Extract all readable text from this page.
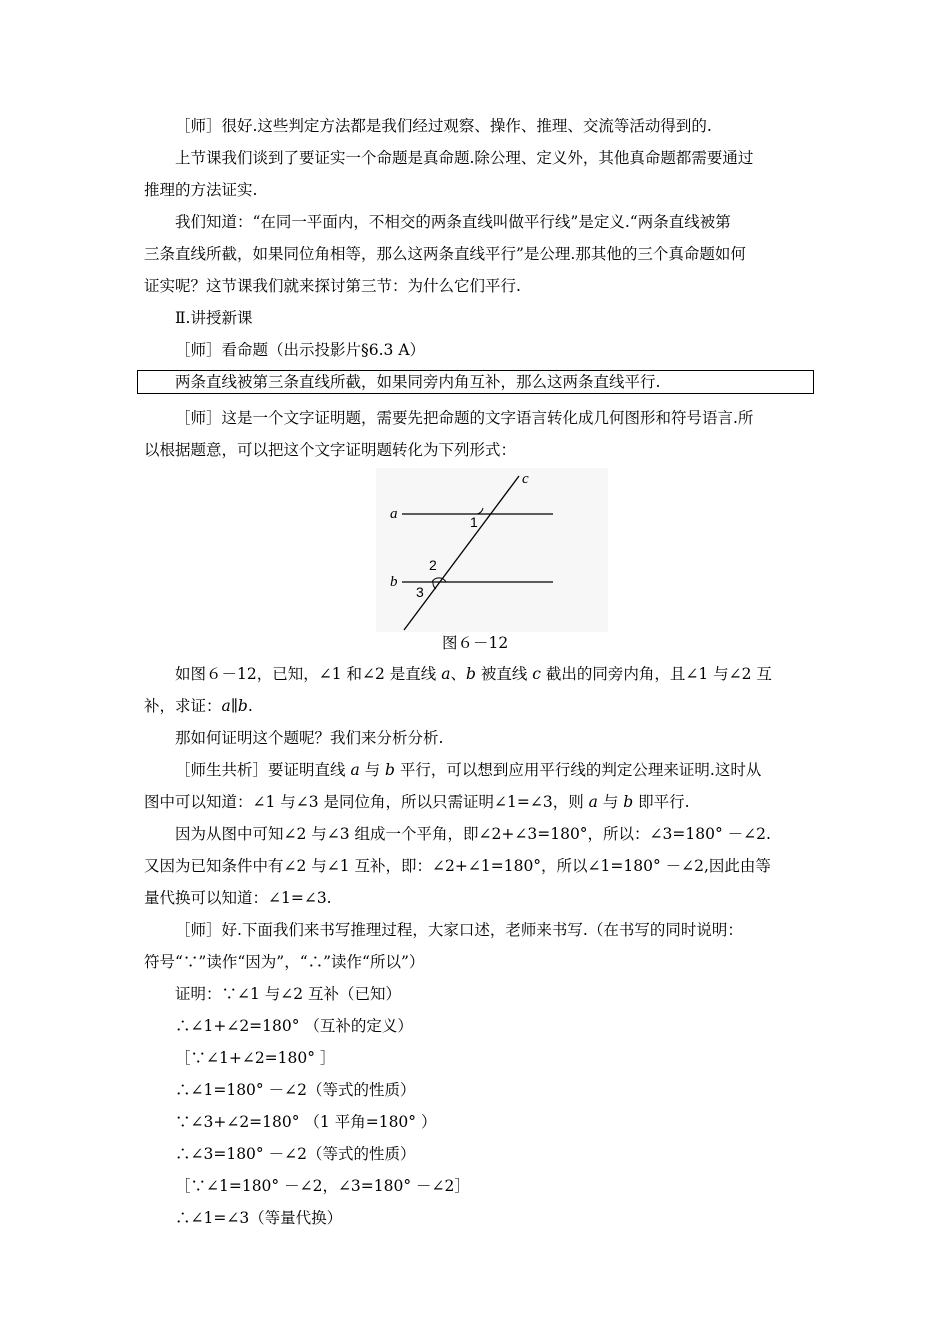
［师］很好.这些判定方法都是我们经过观察、操作、推理、交流等活动得到的.
上节课我们谈到了要证实一个命题是真命题.除公理、定义外，其他真命题都需要通过
推理的方法证实.
我们知道：“在同一平面内，不相交的两条直线叫做平行线”是定义.“两条直线被第
三条直线所截，如果同位角相等，那么这两条直线平行”是公理.那其他的三个真命题如何
证实呢？这节课我们就来探讨第三节：为什么它们平行.
Ⅱ.讲授新课
［师］看命题（出示投影片§6.3 A）
两条直线被第三条直线所截，如果同旁内角互补，那么这两条直线平行.
［师］这是一个文字证明题，需要先把命题的文字语言转化成几何图形和符号语言.所
以根据题意，可以把这个文字证明题转化为下列形式：
a
b
c
1
2
3
图６－12
如图６－12，已知，∠1 和∠2 是直线 a、b 被直线 c 截出的同旁内角，且∠1 与∠2 互
补，求证：a∥b.
那如何证明这个题呢？我们来分析分析.
［师生共析］要证明直线 a 与 b 平行，可以想到应用平行线的判定公理来证明.这时从
图中可以知道：∠1 与∠3 是同位角，所以只需证明∠1=∠3，则 a 与 b 即平行.
因为从图中可知∠2 与∠3 组成一个平角，即∠2+∠3=180°，所以：∠3=180° －∠2.
又因为已知条件中有∠2 与∠1 互补，即：∠2+∠1=180°，所以∠1=180° －∠2,因此由等
量代换可以知道：∠1=∠3.
［师］好.下面我们来书写推理过程，大家口述，老师来书写.（在书写的同时说明：
符号“∵”读作“因为”，“∴”读作“所以”）
证明：∵∠1 与∠2 互补（已知）
∴∠1+∠2=180° （互补的定义）
［∵∠1+∠2=180° ］
∴∠1=180° －∠2（等式的性质）
∵∠3+∠2=180° （1 平角=180° ）
∴∠3=180° －∠2（等式的性质）
［∵∠1=180° －∠2，∠3=180° －∠2］
∴∠1=∠3（等量代换）
